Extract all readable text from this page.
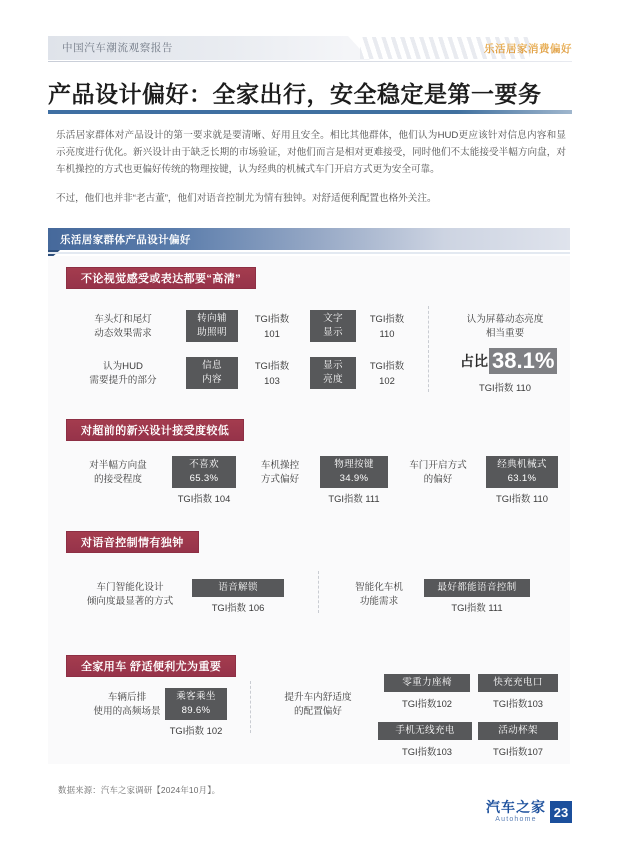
中国汽车潮流观察报告	乐活居家消费偏好
产品设计偏好：全家出行，安全稳定是第一要务
乐活居家群体对产品设计的第一要求就是要清晰、好用且安全。相比其他群体，他们认为HUD更应该针对信息内容和显示亮度进行优化。新兴设计由于缺乏长期的市场验证，对他们而言是相对更难接受，同时他们不太能接受半幅方向盘，对车机操控的方式也更偏好传统的物理按键，认为经典的机械式车门开启方式更为安全可靠。
不过，他们也并非“老古董”，他们对语音控制尤为情有独钟。对舒适便利配置也格外关注。
乐活居家群体产品设计偏好
不论视觉感受或表达都要“高清”
车头灯和尾灯
动态效果需求
转向辅
助照明
TGI指数
101
认为HUD
需要提升的部分
信息
内容
TGI指数
103
文字
显示
TGI指数
110
显示
亮度
TGI指数
102
认为屏幕动态亮度
相当重要
占比 38.1%
TGI指数 110
对超前的新兴设计接受度较低
对半幅方向盘
的接受程度
不喜欢
65.3%
TGI指数 104
车机操控
方式偏好
物理按键
34.9%
TGI指数 111
车门开启方式
的偏好
经典机械式
63.1%
TGI指数 110
对语音控制情有独钟
车门智能化设计
倾向度最显著的方式
语音解锁
TGI指数 106
智能化车机
功能需求
最好都能语音控制
TGI指数 111
全家用车 舒适便利尤为重要
车辆后排
使用的高频场景
乘客乘坐
89.6%
TGI指数 102
提升车内舒适度
的配置偏好
零重力座椅
TGI指数102
快充充电口
TGI指数103
手机无线充电
TGI指数103
活动杯架
TGI指数107
数据来源：汽车之家调研【2024年10月】。
汽车之家
Autohome	23
